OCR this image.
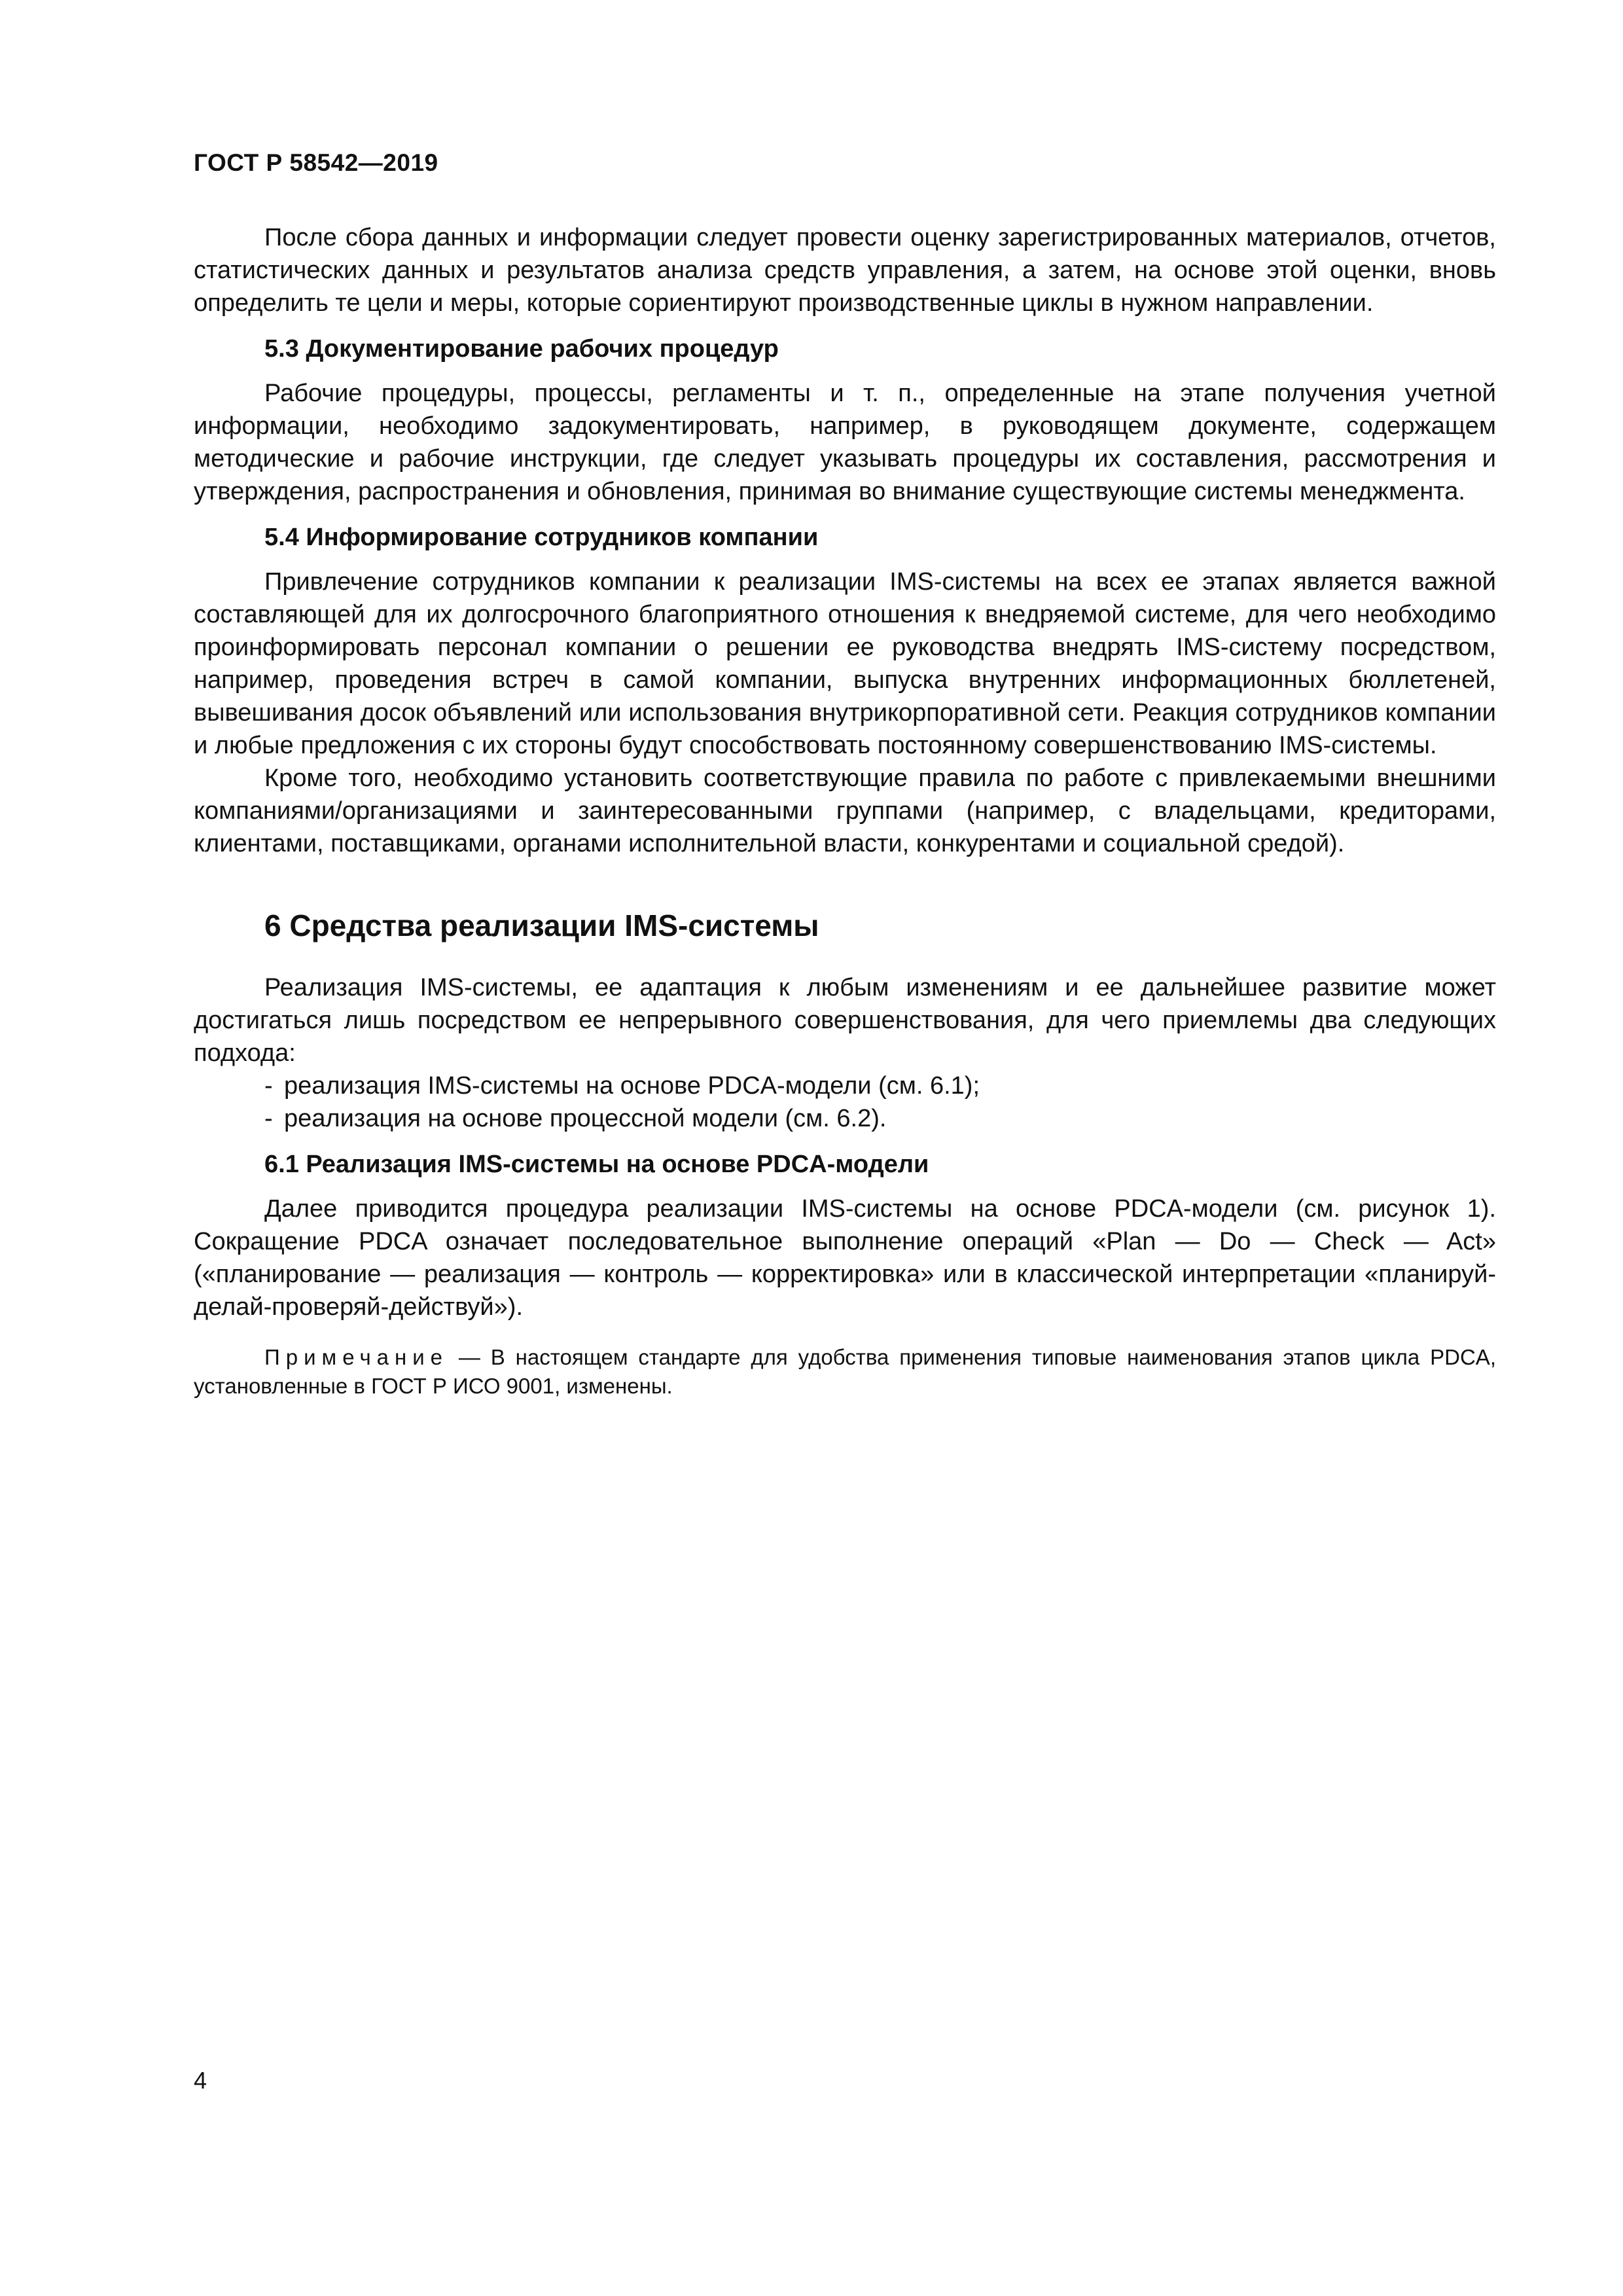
ГОСТ Р 58542—2019

После сбора данных и информации следует провести оценку зарегистрированных материалов, отчетов, статистических данных и результатов анализа средств управления, а затем, на основе этой оценки, вновь определить те цели и меры, которые сориентируют производственные циклы в нужном направлении.

5.3 Документирование рабочих процедур

Рабочие процедуры, процессы, регламенты и т. п., определенные на этапе получения учетной информации, необходимо задокументировать, например, в руководящем документе, содержащем методические и рабочие инструкции, где следует указывать процедуры их составления, рассмотрения и утверждения, распространения и обновления, принимая во внимание существующие системы менеджмента.

5.4 Информирование сотрудников компании

Привлечение сотрудников компании к реализации IMS-системы на всех ее этапах является важной составляющей для их долгосрочного благоприятного отношения к внедряемой системе, для чего необходимо проинформировать персонал компании о решении ее руководства внедрять IMS-систему посредством, например, проведения встреч в самой компании, выпуска внутренних информационных бюллетеней, вывешивания досок объявлений или использования внутрикорпоративной сети. Реакция сотрудников компании и любые предложения с их стороны будут способствовать постоянному совершенствованию IMS-системы.

Кроме того, необходимо установить соответствующие правила по работе с привлекаемыми внешними компаниями/организациями и заинтересованными группами (например, с владельцами, кредиторами, клиентами, поставщиками, органами исполнительной власти, конкурентами и социальной средой).

6 Средства реализации IMS-системы

Реализация IMS-системы, ее адаптация к любым изменениям и ее дальнейшее развитие может достигаться лишь посредством ее непрерывного совершенствования, для чего приемлемы два следующих подхода:

- реализация IMS-системы на основе PDCA-модели (см. 6.1);
- реализация на основе процессной модели (см. 6.2).
6.1 Реализация IMS-системы на основе PDCA-модели

Далее приводится процедура реализации IMS-системы на основе PDCA-модели (см. рисунок 1). Сокращение PDCA означает последовательное выполнение операций «Plan — Do — Check — Act» («планирование — реализация — контроль — корректировка» или в классической интерпретации «планируй-делай-проверяй-действуй»).

Примечание — В настоящем стандарте для удобства применения типовые наименования этапов цикла PDCA, установленные в ГОСТ Р ИСО 9001, изменены.

4
